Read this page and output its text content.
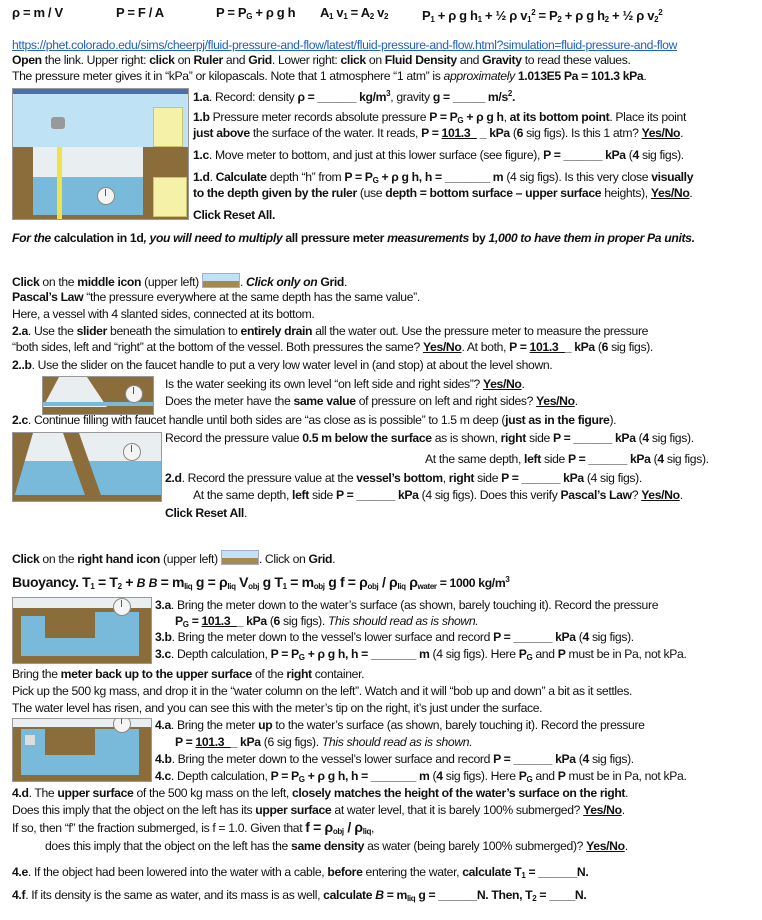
ρ = m / V	P = F / A	P = PG + ρ g h A1 v1 = A2 v2	P1 + ρ g h1 + ½ ρ $v1^2 = P2 + \rho$ g h2 + ½ ρ $v2^2$
https://phet.colorado.edu/sims/cheerpj/fluid-pressure-and-flow/latest/fluid-pressure-and-flow.html?simulation=fluid-pressure-and-flow
Open the link. Upper right: click on Ruler and Grid. Lower right: click on Fluid Density and Gravity to read these values.
The pressure meter gives it in “kPa” or kilopascals. Note that 1 atmosphere “1 atm” is approximately 1.013E5 Pa = 101.3 kPa.
1.a. Record: density ρ = ______ $kg/m^3$, gravity g = _____ $m/s^2$.
1.b Pressure meter records absolute pressure P = PG + ρ g h, at its bottom point. Place its point
just above the surface of the water. It reads, P = 101.3_ _ kPa (6 sig figs). Is this 1 atm? Yes/No.
1.c. Move meter to bottom, and just at this lower surface (see figure), P = ______ kPa (4 sig figs).
1.d. Calculate depth “h” from P = PG + ρ g h, h = _______ m (4 sig figs). Is this very close visually
to the depth given by the ruler (use depth = bottom surface – upper surface heights), Yes/No.
Click Reset All.
For the calculation in 1d, you will need to multiply all pressure meter measurements by 1,000 to have them in proper Pa units.
Click on the middle icon (upper left)	. Click only on Grid.
Pascal’s Law “the pressure everywhere at the same depth has the same value”.
Here, a vessel with 4 slanted sides, connected at its bottom.
2.a. Use the slider beneath the simulation to entirely drain all the water out. Use the pressure meter to measure the pressure
“both sides, left and “right” at the bottom of the vessel. Both pressures the same? Yes/No. At both, P = 101.3__ kPa (6 sig figs).
2..b. Use the slider on the faucet handle to put a very low water level in (and stop) at about the level shown.
Is the water seeking its own level “on left side and right sides”? Yes/No.
Does the meter have the same value of pressure on left and right sides? Yes/No.
2.c. Continue filling with faucet handle until both sides are “as close as is possible” to 1.5 m deep (just as in the figure).
Record the pressure value 0.5 m below the surface as is shown, right side P = ______ kPa (4 sig figs).
At the same depth, left side P = ______ kPa (4 sig figs).
2.d. Record the pressure value at the vessel’s bottom, right side P = ______ kPa (4 sig figs).
At the same depth, left side P = ______ kPa (4 sig figs). Does this verify Pascal’s Law? Yes/No.
Click Reset All.
Click on the right hand icon (upper left)	. Click on Grid.
Buoyancy. T1 = T2 + B B = mliq g = ρliq Vobj g T1 = mobj g f = ρobj / ρliq ρwater = 1000 $kg/m^3$
3.a. Bring the meter down to the water’s surface (as shown, barely touching it). Record the pressure
PG = 101.3__ kPa (6 sig figs). This should read as is shown.
3.b. Bring the meter down to the vessel’s lower surface and record P = ______ kPa (4 sig figs).
3.c. Depth calculation, P = PG + ρ g h, h = _______ m (4 sig figs). Here PG and P must be in Pa, not kPa.
Bring the meter back up to the upper surface of the right container.
Pick up the 500 kg mass, and drop it in the “water column on the left”. Watch and it will “bob up and down” a bit as it settles.
The water level has risen, and you can see this with the meter’s tip on the right, it’s just under the surface.
4.a. Bring the meter up to the water’s surface (as shown, barely touching it). Record the pressure
P = 101.3__ kPa (6 sig figs). This should read as is shown.
4.b. Bring the meter down to the vessel’s lower surface and record P = ______ kPa (4 sig figs).
4.c. Depth calculation, P = PG + ρ g h, h = _______ m (4 sig figs). Here PG and P must be in Pa, not kPa.
4.d. The upper surface of the 500 kg mass on the left, closely matches the height of the water’s surface on the right.
Does this imply that the object on the left has its upper surface at water level, that it is barely 100% submerged? Yes/No.
If so, then “f” the fraction submerged, is f = 1.0. Given that f = ρobj / ρliq,
does this imply that the object on the left has the same density as water (being barely 100% submerged)? Yes/No.
4.e. If the object had been lowered into the water with a cable, before entering the water, calculate T1 = ______N.
4.f. If its density is the same as water, and its mass is as well, calculate B = mliq g = ______N. Then, T2 = ____N.
